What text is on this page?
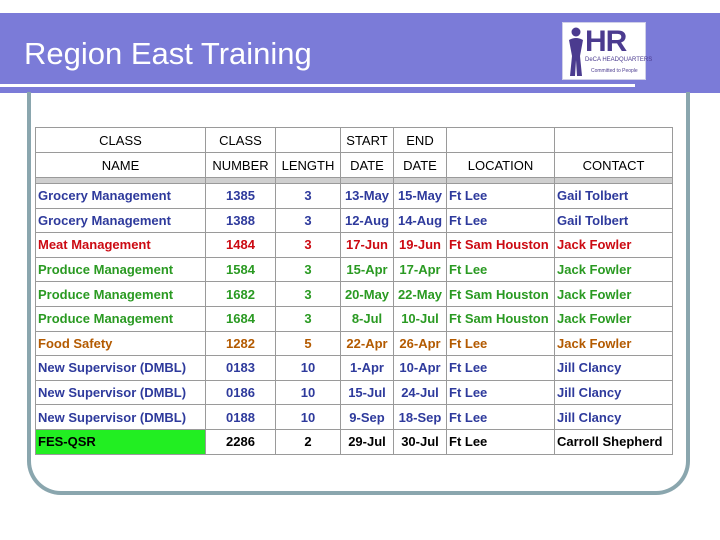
Region East Training	HR
DeCA HEADQUARTERS
Committed to People
CLASS	CLASS		START	END		
NAME	NUMBER	LENGTH	DATE	DATE	LOCATION	CONTACT

Grocery Management	1385	3	13-May	15-May	Ft Lee	Gail Tolbert
Grocery Management	1388	3	12-Aug	14-Aug	Ft Lee	Gail Tolbert
Meat Management	1484	3	17-Jun	19-Jun	Ft Sam Houston	Jack Fowler
Produce Management	1584	3	15-Apr	17-Apr	Ft Lee	Jack Fowler
Produce Management	1682	3	20-May	22-May	Ft Sam Houston	Jack Fowler
Produce Management	1684	3	8-Jul	10-Jul	Ft Sam Houston	Jack Fowler
Food Safety	1282	5	22-Apr	26-Apr	Ft Lee	Jack Fowler
New Supervisor (DMBL)	0183	10	1-Apr	10-Apr	Ft Lee	Jill Clancy
New Supervisor (DMBL)	0186	10	15-Jul	24-Jul	Ft Lee	Jill Clancy
New Supervisor (DMBL)	0188	10	9-Sep	18-Sep	Ft Lee	Jill Clancy
FES-QSR	2286	2	29-Jul	30-Jul	Ft Lee	Carroll Shepherd
